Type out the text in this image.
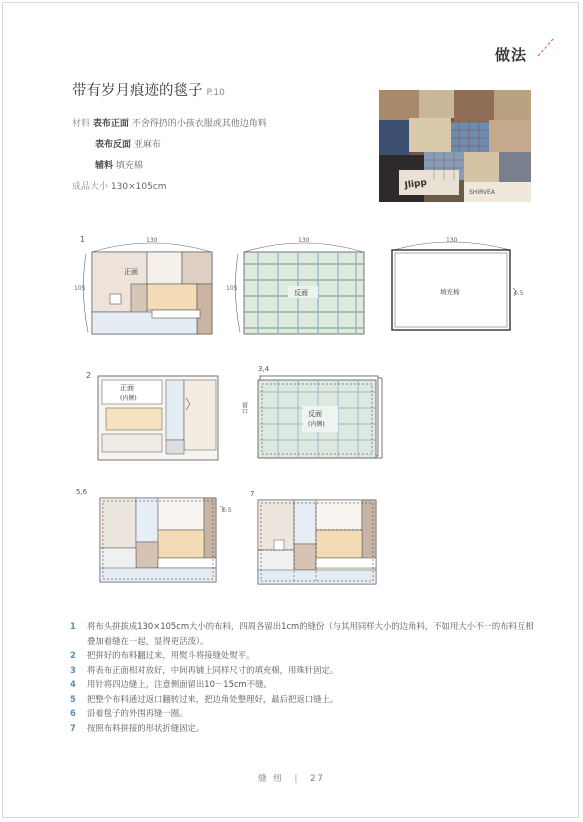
做法
带有岁月痕迹的毯子 P.10
材料 表布正面 不舍得扔的小孩衣服或其他边角料
表布反面 亚麻布
辅料 填充棉
成品大小 130×105cm	Jlipp
SHIRVEA
1	130
105
正面
130
105
反面
130
填充棉	0.5
2
正面
(内侧)
3,4
反面
(内侧)
留口
5,6
0.5
7
1	将布头拼拔成130×105cm大小的布料，四周各留出1cm的缝份（与其用同样大小的边角料，不如用大小不一的布料互相叠加着缝在一起，显得更活泼）。
2	把拼好的布料翻过来，用熨斗将接缝处熨平。
3	将表布正面相对放好，中间再铺上同样尺寸的填充棉，用珠针固定。
4	用针将四边缝上，注意侧面留出10－15cm不缝。
5	把整个布料通过返口翻转过来，把边角处整理好，最后把返口缝上。
6	沿着毯子的外围再缝一圈。
7	按照布料拼接的形状折缝固定。
缝 纫 | 27
